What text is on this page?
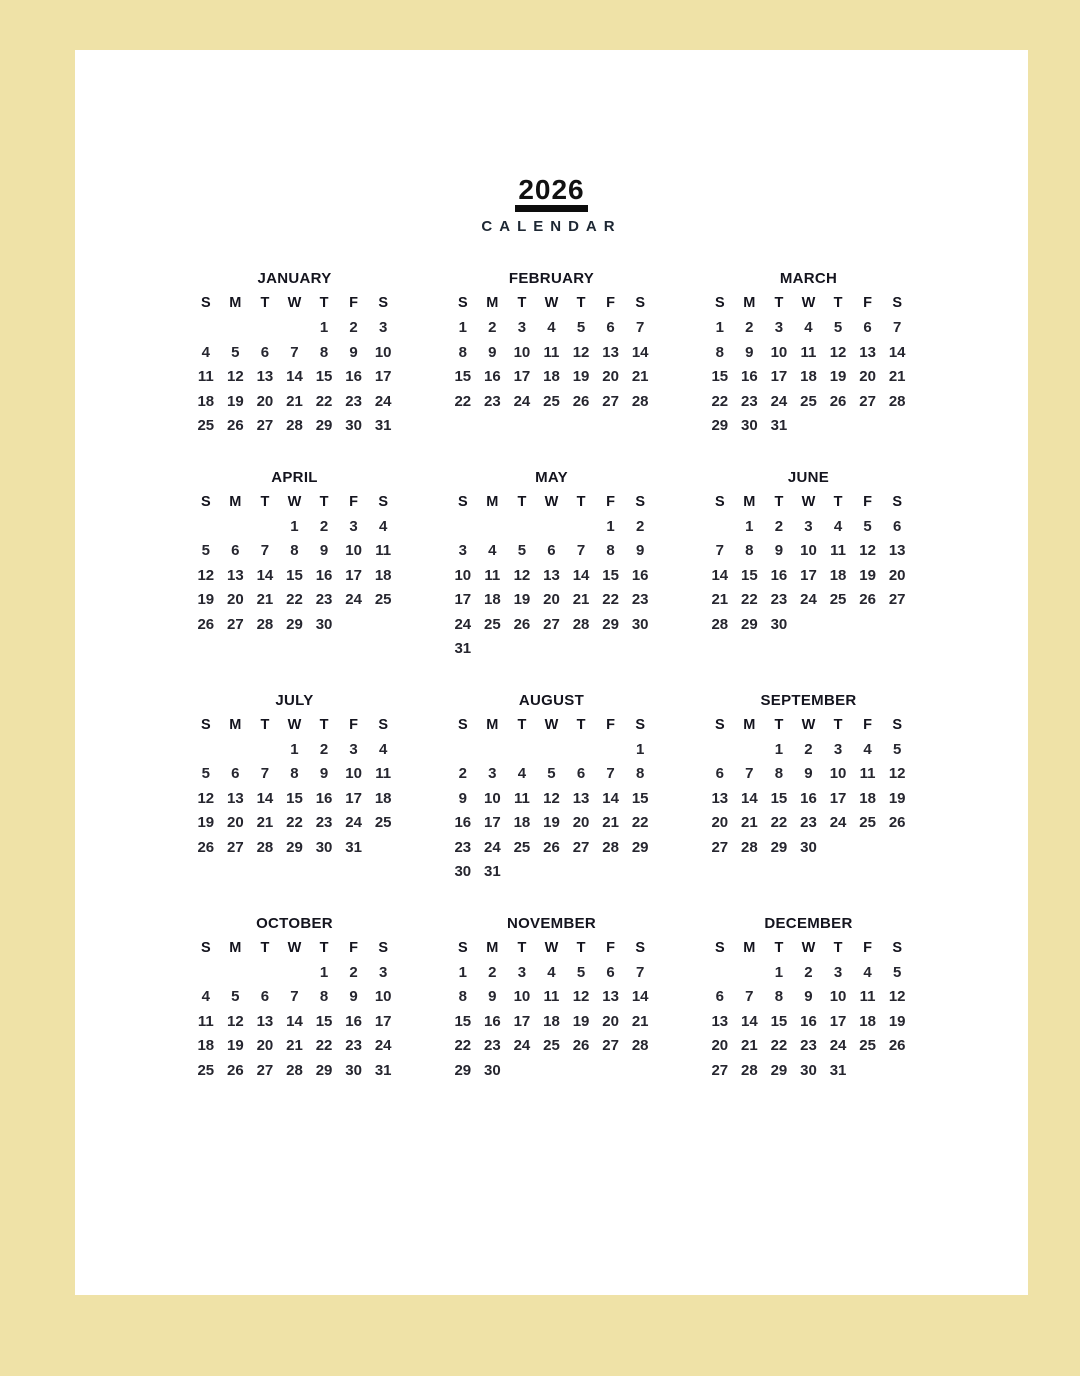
2026
CALENDAR
JANUARY
S	M	T	W	T	F	S
				1	2	3
4	5	6	7	8	9	10
11	12	13	14	15	16	17
18	19	20	21	22	23	24
25	26	27	28	29	30	31
FEBRUARY
S	M	T	W	T	F	S
1	2	3	4	5	6	7
8	9	10	11	12	13	14
15	16	17	18	19	20	21
22	23	24	25	26	27	28
MARCH
S	M	T	W	T	F	S
1	2	3	4	5	6	7
8	9	10	11	12	13	14
15	16	17	18	19	20	21
22	23	24	25	26	27	28
29	30	31				
APRIL
S	M	T	W	T	F	S
			1	2	3	4
5	6	7	8	9	10	11
12	13	14	15	16	17	18
19	20	21	22	23	24	25
26	27	28	29	30		
MAY
S	M	T	W	T	F	S
					1	2
3	4	5	6	7	8	9
10	11	12	13	14	15	16
17	18	19	20	21	22	23
24	25	26	27	28	29	30
31						
JUNE
S	M	T	W	T	F	S
	1	2	3	4	5	6
7	8	9	10	11	12	13
14	15	16	17	18	19	20
21	22	23	24	25	26	27
28	29	30				
JULY
S	M	T	W	T	F	S
			1	2	3	4
5	6	7	8	9	10	11
12	13	14	15	16	17	18
19	20	21	22	23	24	25
26	27	28	29	30	31	
AUGUST
S	M	T	W	T	F	S
						1
2	3	4	5	6	7	8
9	10	11	12	13	14	15
16	17	18	19	20	21	22
23	24	25	26	27	28	29
30	31					
SEPTEMBER
S	M	T	W	T	F	S
		1	2	3	4	5
6	7	8	9	10	11	12
13	14	15	16	17	18	19
20	21	22	23	24	25	26
27	28	29	30			
OCTOBER
S	M	T	W	T	F	S
				1	2	3
4	5	6	7	8	9	10
11	12	13	14	15	16	17
18	19	20	21	22	23	24
25	26	27	28	29	30	31
NOVEMBER
S	M	T	W	T	F	S
1	2	3	4	5	6	7
8	9	10	11	12	13	14
15	16	17	18	19	20	21
22	23	24	25	26	27	28
29	30					
DECEMBER
S	M	T	W	T	F	S
		1	2	3	4	5
6	7	8	9	10	11	12
13	14	15	16	17	18	19
20	21	22	23	24	25	26
27	28	29	30	31		
